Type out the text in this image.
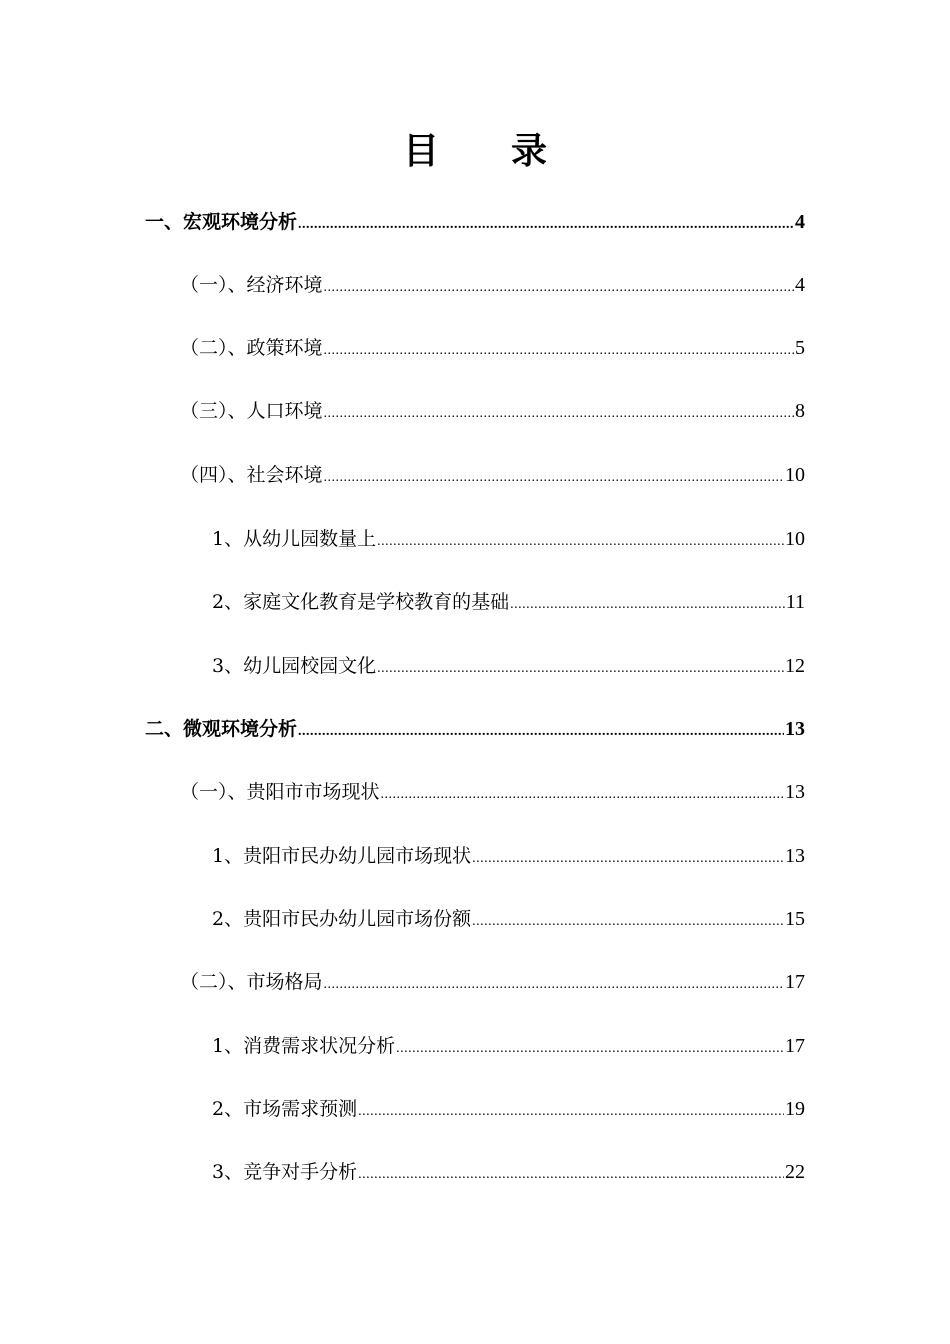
目　　录
一、宏观环境分析 .....	4
（一）、经济环境 .....	4
（二）、政策环境 .....	5
（三）、人口环境 .....	8
（四）、社会环境 .....	10
1、从幼儿园数量上 .....	10
2、家庭文化教育是学校教育的基础 .....	11
3、幼儿园校园文化 .....	12
二、微观环境分析 .....	13
（一）、贵阳市市场现状 .....	13
1、贵阳市民办幼儿园市场现状 .....	13
2、贵阳市民办幼儿园市场份额 .....	15
（二）、市场格局 .....	17
1、消费需求状况分析 .....	17
2、市场需求预测 .....	19
3、竞争对手分析 .....	22
